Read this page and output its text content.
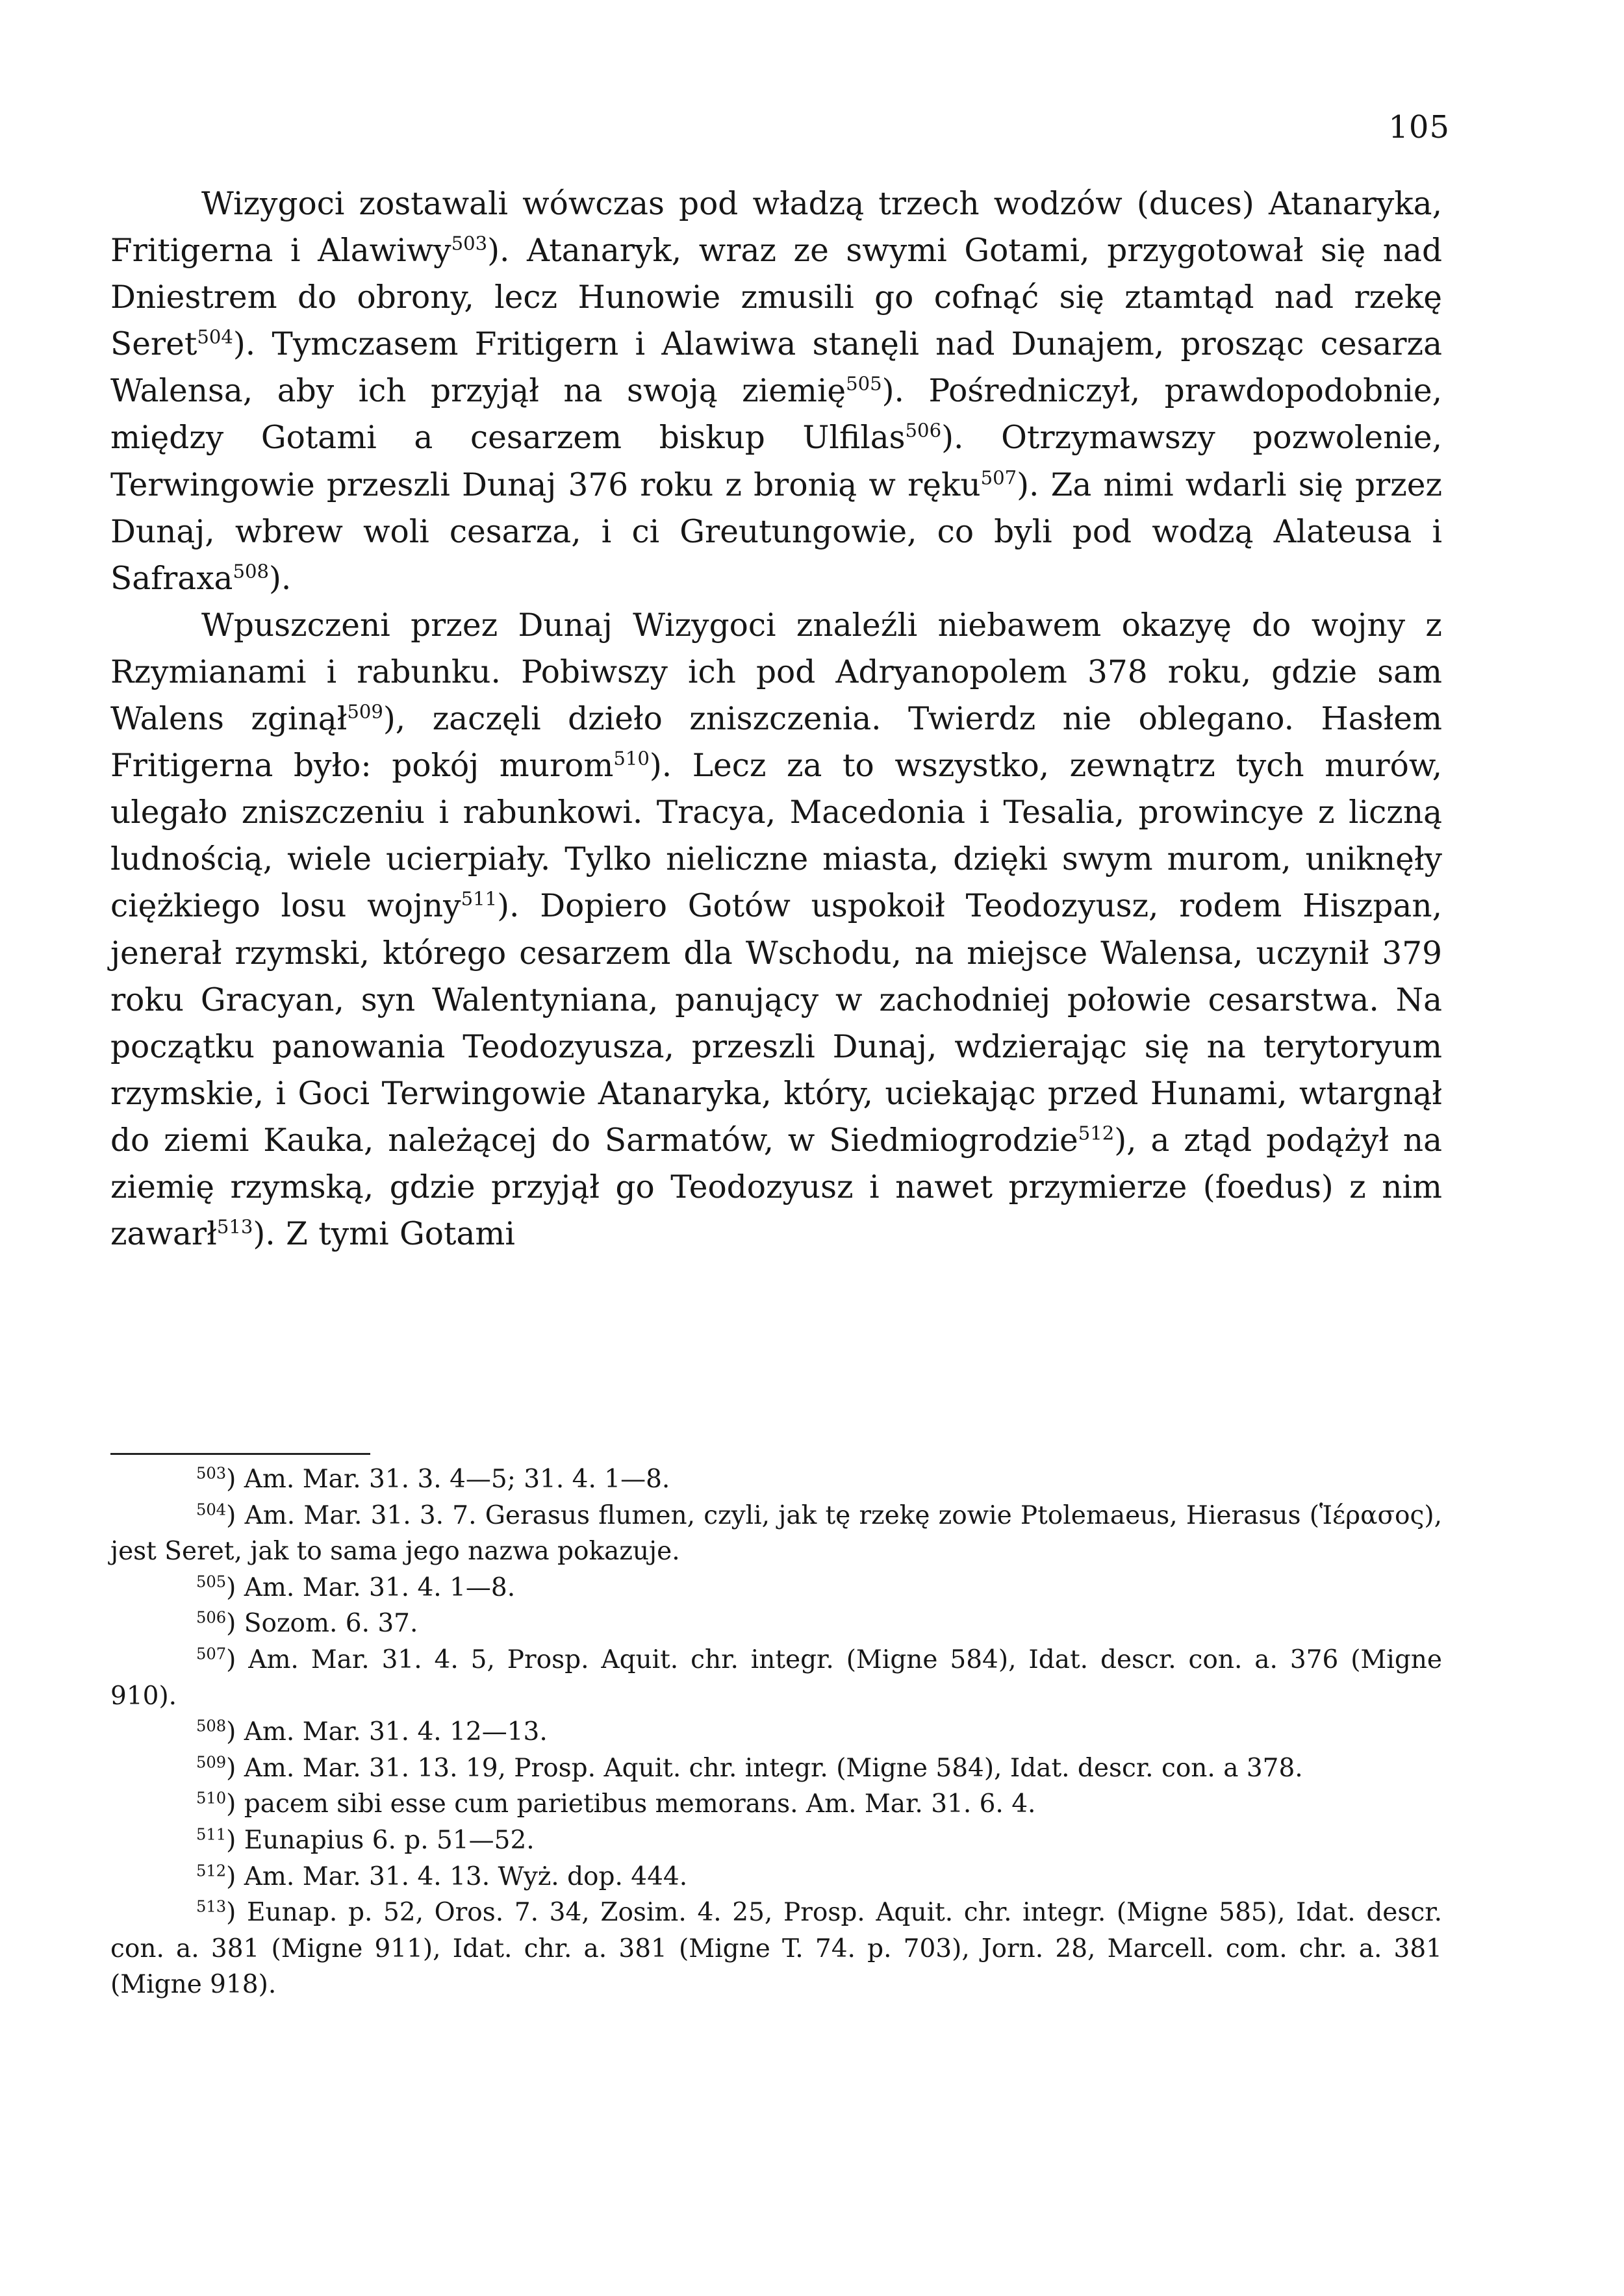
105

Wizygoci zostawali wówczas pod władzą trzech wodzów (duces) Atanaryka, Fritigerna i Alawiwy$^{503}$). Atanaryk, wraz ze swymi Gotami, przygotował się nad Dniestrem do obrony, lecz Hunowie zmusili go cofnąć się ztamtąd nad rzekę Seret$^{504}$). Tymczasem Fritigern i Alawiwa stanęli nad Dunajem, prosząc cesarza Walensa, aby ich przyjął na swoją ziemię$^{505}$). Pośredniczył, prawdopodobnie, między Gotami a cesarzem biskup Ulfilas$^{506}$). Otrzymawszy pozwolenie, Terwingowie przeszli Dunaj 376 roku z bronią w ręku$^{507}$). Za nimi wdarli się przez Dunaj, wbrew woli cesarza, i ci Greutungowie, co byli pod wodzą Alateusa i Safraxa$^{508}$).

Wpuszczeni przez Dunaj Wizygoci znaleźli niebawem okazyę do wojny z Rzymianami i rabunku. Pobiwszy ich pod Adryanopolem 378 roku, gdzie sam Walens zginął$^{509}$), zaczęli dzieło zniszczenia. Twierdz nie oblegano. Hasłem Fritigerna było: pokój murom$^{510}$). Lecz za to wszystko, zewnątrz tych murów, ulegało zniszczeniu i rabunkowi. Tracya, Macedonia i Tesalia, prowincye z liczną ludnością, wiele ucierpiały. Tylko nieliczne miasta, dzięki swym murom, uniknęły ciężkiego losu wojny$^{511}$). Dopiero Gotów uspokoił Teodozyusz, rodem Hiszpan, jenerał rzymski, którego cesarzem dla Wschodu, na miejsce Walensa, uczynił 379 roku Gracyan, syn Walentyniana, panujący w zachodniej połowie cesarstwa. Na początku panowania Teodozyusza, przeszli Dunaj, wdzierając się na terytoryum rzymskie, i Goci Terwingowie Atanaryka, który, uciekając przed Hunami, wtargnął do ziemi Kauka, należącej do Sarmatów, w Siedmiogrodzie$^{512}$), a ztąd podążył na ziemię rzymską, gdzie przyjął go Teodozyusz i nawet przymierze (foedus) z nim zawarł$^{513}$). Z tymi Gotami

$^{503}$) Am. Mar. 31. 3. 4—5; 31. 4. 1—8.

$^{504}$) Am. Mar. 31. 3. 7. Gerasus flumen, czyli, jak tę rzekę zowie Ptolemaeus, Hierasus (Ἱέρασος), jest Seret, jak to sama jego nazwa pokazuje.

$^{505}$) Am. Mar. 31. 4. 1—8.

$^{506}$) Sozom. 6. 37.

$^{507}$) Am. Mar. 31. 4. 5, Prosp. Aquit. chr. integr. (Migne 584), Idat. descr. con. a. 376 (Migne 910).

$^{508}$) Am. Mar. 31. 4. 12—13.

$^{509}$) Am. Mar. 31. 13. 19, Prosp. Aquit. chr. integr. (Migne 584), Idat. descr. con. a 378.

$^{510}$) pacem sibi esse cum parietibus memorans. Am. Mar. 31. 6. 4.

$^{511}$) Eunapius 6. p. 51—52.

$^{512}$) Am. Mar. 31. 4. 13. Wyż. dop. 444.

$^{513}$) Eunap. p. 52, Oros. 7. 34, Zosim. 4. 25, Prosp. Aquit. chr. integr. (Migne 585), Idat. descr. con. a. 381 (Migne 911), Idat. chr. a. 381 (Migne T. 74. p. 703), Jorn. 28, Marcell. com. chr. a. 381 (Migne 918).
